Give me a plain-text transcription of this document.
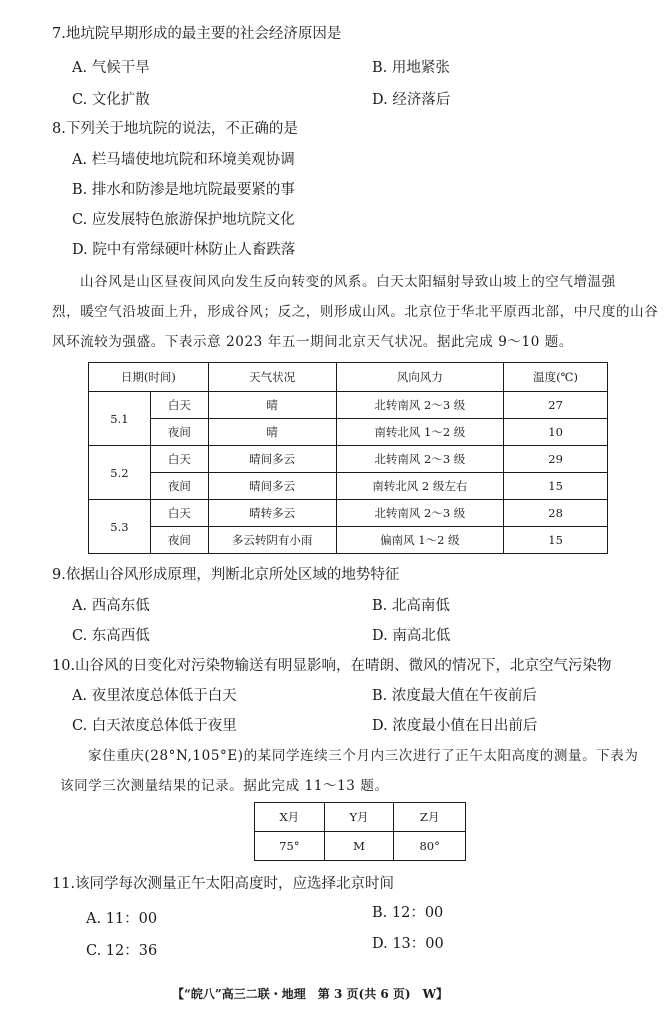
7.地坑院早期形成的最主要的社会经济原因是
A. 气候干旱	B. 用地紧张
C. 文化扩散	D. 经济落后
8.下列关于地坑院的说法，不正确的是
A. 栏马墙使地坑院和环境美观协调
B. 排水和防渗是地坑院最要紧的事
C. 应发展特色旅游保护地坑院文化
D. 院中有常绿硬叶林防止人畜跌落
山谷风是山区昼夜间风向发生反向转变的风系。白天太阳辐射导致山坡上的空气增温强
烈，暖空气沿坡面上升，形成谷风；反之，则形成山风。北京位于华北平原西北部，中尺度的山谷
风环流较为强盛。下表示意 2023 年五一期间北京天气状况。据此完成 9～10 题。
日期(时间)		天气状况	风向风力	温度(℃)
5.1	白天	晴	北转南风 2～3 级	27
	夜间	晴	南转北风 1～2 级	10
5.2	白天	晴间多云	北转南风 2～3 级	29
	夜间	晴间多云	南转北风 2 级左右	15
5.3	白天	晴转多云	北转南风 2～3 级	28
	夜间	多云转阴有小雨	偏南风 1～2 级	15
9.依据山谷风形成原理，判断北京所处区域的地势特征
A. 西高东低	B. 北高南低
C. 东高西低	D. 南高北低
10.山谷风的日变化对污染物输送有明显影响，在晴朗、微风的情况下，北京空气污染物
A. 夜里浓度总体低于白天	B. 浓度最大值在午夜前后
C. 白天浓度总体低于夜里	D. 浓度最小值在日出前后
家住重庆(28°N,105°E)的某同学连续三个月内三次进行了正午太阳高度的测量。下表为
该同学三次测量结果的记录。据此完成 11～13 题。
X月	Y月	Z月
75°	M	80°
11.该同学每次测量正午太阳高度时，应选择北京时间
A. 11：00	B. 12：00
C. 12：36	D. 13：00
【“皖八”高三二联・地理　第 3 页(共 6 页)　W】
